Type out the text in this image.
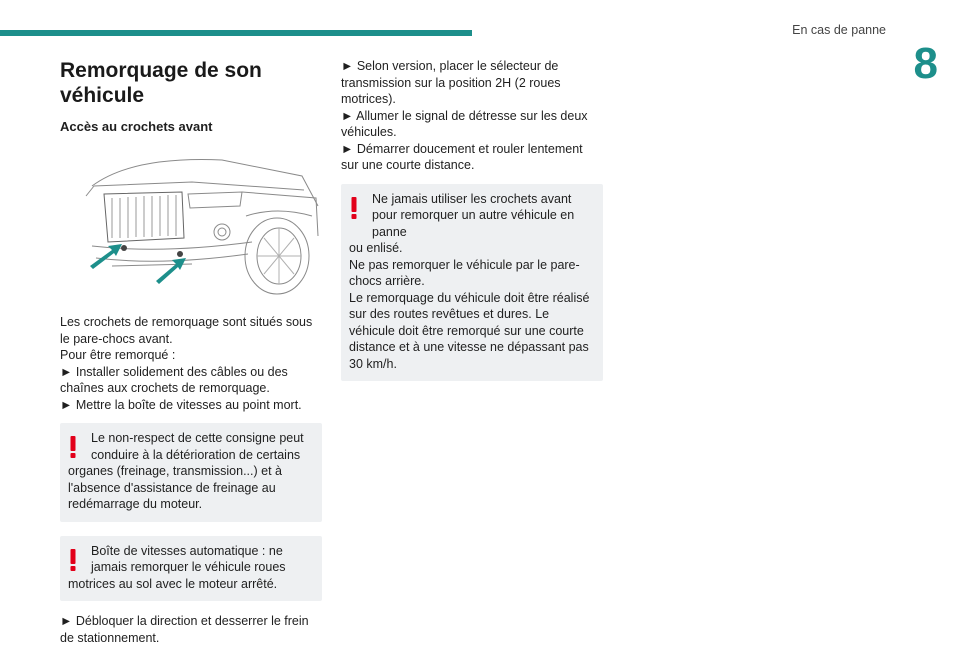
En cas de panne
8
Remorquage de son
véhicule
Accès au crochets avant

Les crochets de remorquage sont situés sous le pare-chocs avant.

Pour être remorqué :

► Installer solidement des câbles ou des chaînes aux crochets de remorquage.

► Mettre la boîte de vitesses au point mort.

Le non-respect de cette consigne peut conduire à la détérioration de certains

organes (freinage, transmission...) et à l'absence d'assistance de freinage au redémarrage du moteur.

Boîte de vitesses automatique : ne jamais remorquer le véhicule roues

motrices au sol avec le moteur arrêté.

► Débloquer la direction et desserrer le frein de stationnement.

► Selon version, placer le sélecteur de transmission sur la position 2H (2 roues motrices).

► Allumer le signal de détresse sur les deux véhicules.

► Démarrer doucement et rouler lentement sur une courte distance.

Ne jamais utiliser les crochets avant pour remorquer un autre véhicule en panne

ou enlisé.

Ne pas remorquer le véhicule par le pare-chocs arrière.

Le remorquage du véhicule doit être réalisé sur des routes revêtues et dures. Le véhicule doit être remorqué sur une courte distance et à une vitesse ne dépassant pas 30 km/h.
